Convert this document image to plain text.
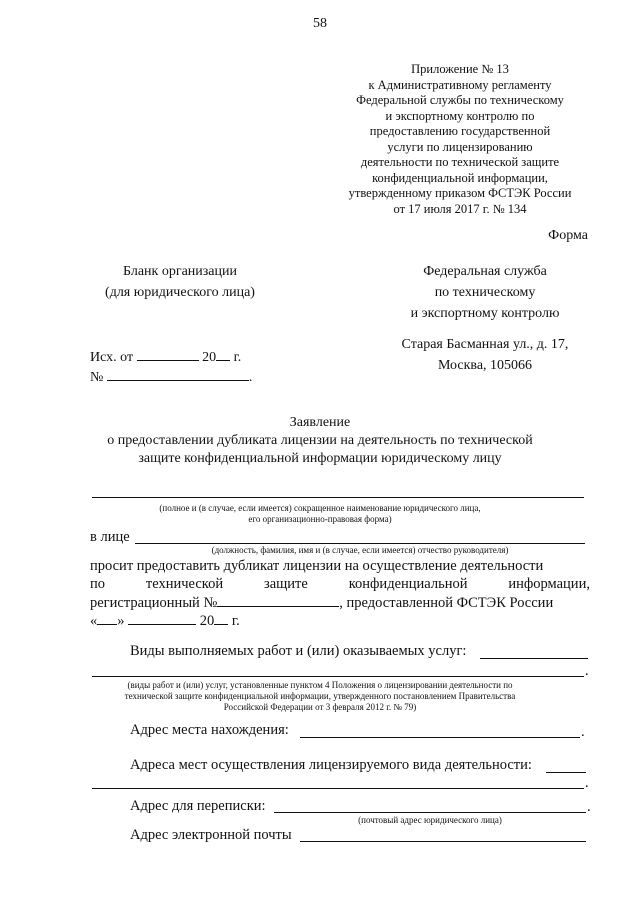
58
Приложение № 13
к Административному регламенту
Федеральной службы по техническому
и экспортному контролю по
предоставлению государственной
услуги по лицензированию
деятельности по технической защите
конфиденциальной информации,
утвержденному приказом ФСТЭК России
от 17 июля 2017 г. № 134
Форма
Бланк организации
(для юридического лица)
Федеральная служба
по техническому
и экспортному контролю
Старая Басманная ул., д. 17,
Москва, 105066
Исх. от	20 г.
№	.
Заявление
о предоставлении дубликата лицензии на деятельность по технической
защите конфиденциальной информации юридическому лицу
(полное и (в случае, если имеется) сокращенное наименование юридического лица,
его организационно-правовая форма)
в лице
(должность, фамилия, имя и (в случае, если имеется) отчество руководителя)
просит предоставить дубликат лицензии на осуществление деятельности
по	технической	защите	конфиденциальной	информации,
регистрационный №	, предоставленной ФСТЭК России
« »	20 г.
Виды выполняемых работ и (или) оказываемых услуг:
.
(виды работ и (или) услуг, установленные пунктом 4 Положения о лицензировании деятельности по
технической защите конфиденциальной информации, утвержденного постановлением Правительства
Российской Федерации от 3 февраля 2012 г. № 79)
Адрес места нахождения:	.
Адреса мест осуществления лицензируемого вида деятельности:
.
Адрес для переписки:	.
(почтовый адрес юридического лица)
Адрес электронной почты
